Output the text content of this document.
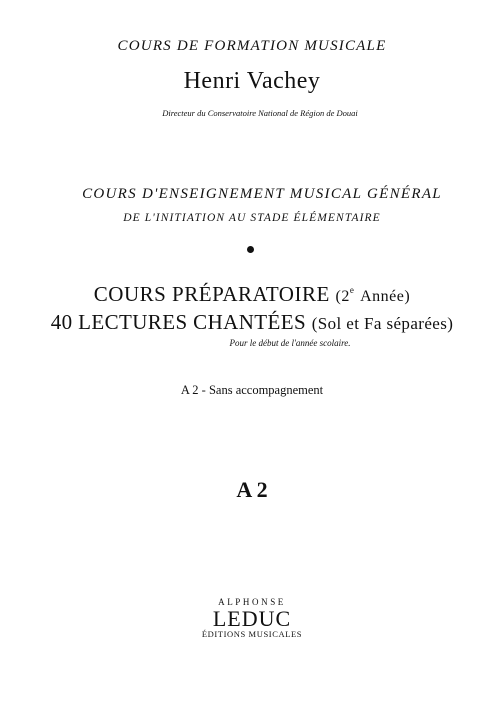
COURS DE FORMATION MUSICALE
Henri Vachey
Directeur du Conservatoire National de Région de Douai
COURS D'ENSEIGNEMENT MUSICAL GÉNÉRAL
DE L'INITIATION AU STADE ÉLÉMENTAIRE
COURS PRÉPARATOIRE (2e Année)
40 LECTURES CHANTÉES (Sol et Fa séparées)
Pour le début de l'année scolaire.
A 2 - Sans accompagnement
A 2
ALPHONSE
LEDUC
ÉDITIONS MUSICALES
